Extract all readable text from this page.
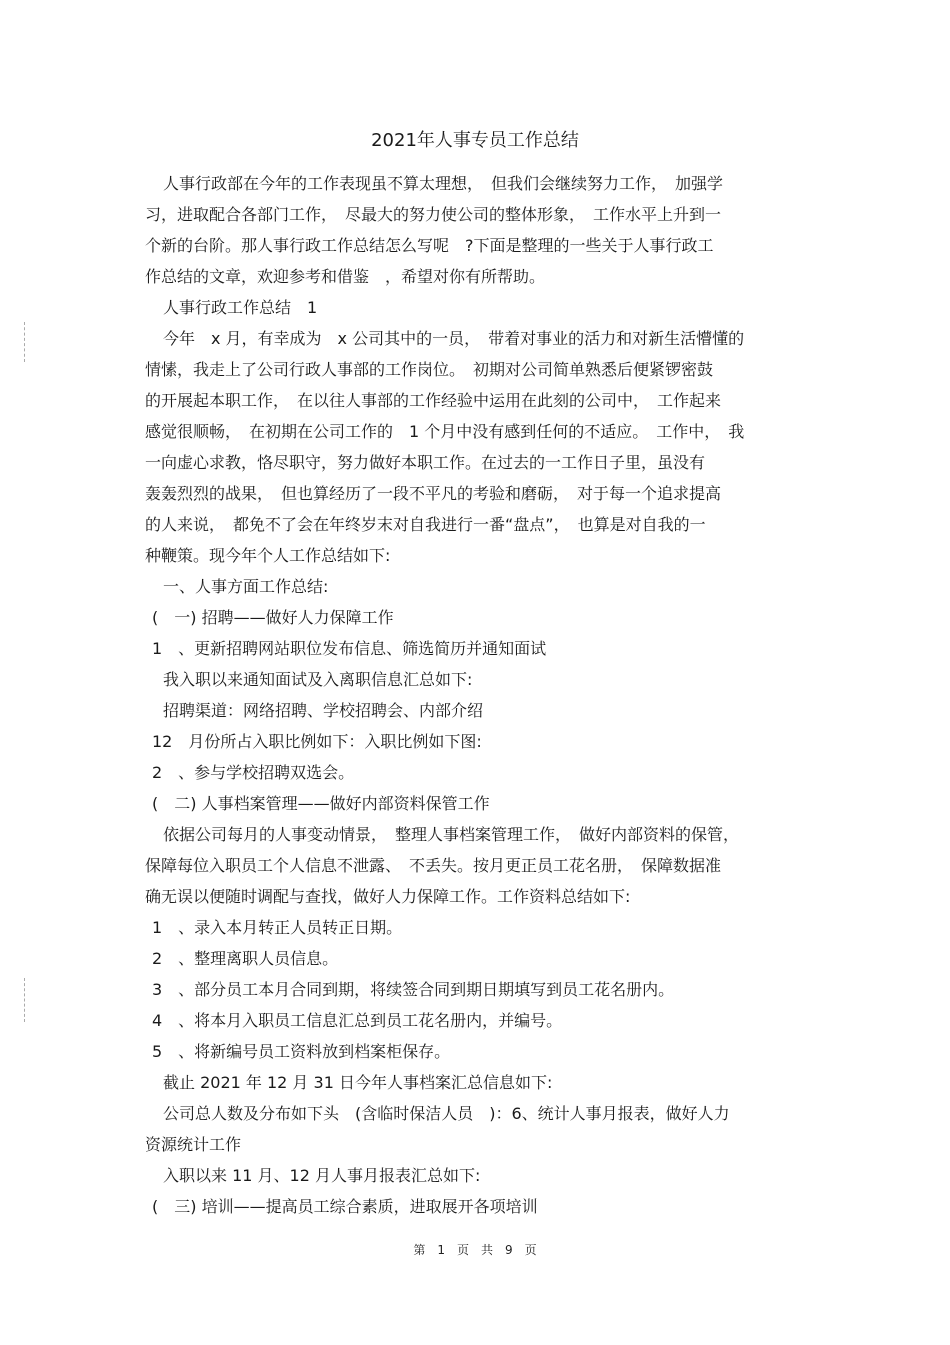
2021年人事专员工作总结
人事行政部在今年的工作表现虽不算太理想，　但我们会继续努力工作，　加强学
习，进取配合各部门工作，　尽最大的努力使公司的整体形象，　工作水平上升到一
个新的台阶。那人事行政工作总结怎么写呢　?下面是整理的一些关于人事行政工
作总结的文章，欢迎参考和借鉴　，希望对你有所帮助。
人事行政工作总结　1
今年　x 月，有幸成为　x 公司其中的一员，　带着对事业的活力和对新生活懵懂的
情愫，我走上了公司行政人事部的工作岗位。　初期对公司简单熟悉后便紧锣密鼓
的开展起本职工作，　在以往人事部的工作经验中运用在此刻的公司中，　工作起来
感觉很顺畅，　在初期在公司工作的　1 个月中没有感到任何的不适应。　工作中，　我
一向虚心求教，恪尽职守，努力做好本职工作。在过去的一工作日子里，虽没有
轰轰烈烈的战果，　但也算经历了一段不平凡的考验和磨砺，　对于每一个追求提高
的人来说，　都免不了会在年终岁末对自我进行一番“盘点”，　也算是对自我的一
种鞭策。现今年个人工作总结如下:
一、人事方面工作总结:
(　一) 招聘——做好人力保障工作
1　、更新招聘网站职位发布信息、筛选简历并通知面试
我入职以来通知面试及入离职信息汇总如下:
招聘渠道：网络招聘、学校招聘会、内部介绍
12　月份所占入职比例如下：入职比例如下图:
2　、参与学校招聘双选会。
(　二) 人事档案管理——做好内部资料保管工作
依据公司每月的人事变动情景，　整理人事档案管理工作，　做好内部资料的保管，
保障每位入职员工个人信息不泄露、　不丢失。按月更正员工花名册，　保障数据准
确无误以便随时调配与查找，做好人力保障工作。工作资料总结如下:
1　、录入本月转正人员转正日期。
2　、整理离职人员信息。
3　、部分员工本月合同到期，将续签合同到期日期填写到员工花名册内。
4　、将本月入职员工信息汇总到员工花名册内，并编号。
5　、将新编号员工资料放到档案柜保存。
截止 2021 年 12 月 31 日今年人事档案汇总信息如下:
公司总人数及分布如下头　(含临时保洁人员　)：6、统计人事月报表，做好人力
资源统计工作
入职以来 11 月、12 月人事月报表汇总如下:
(　三) 培训——提高员工综合素质，进取展开各项培训
第　1　页　共　9　页
